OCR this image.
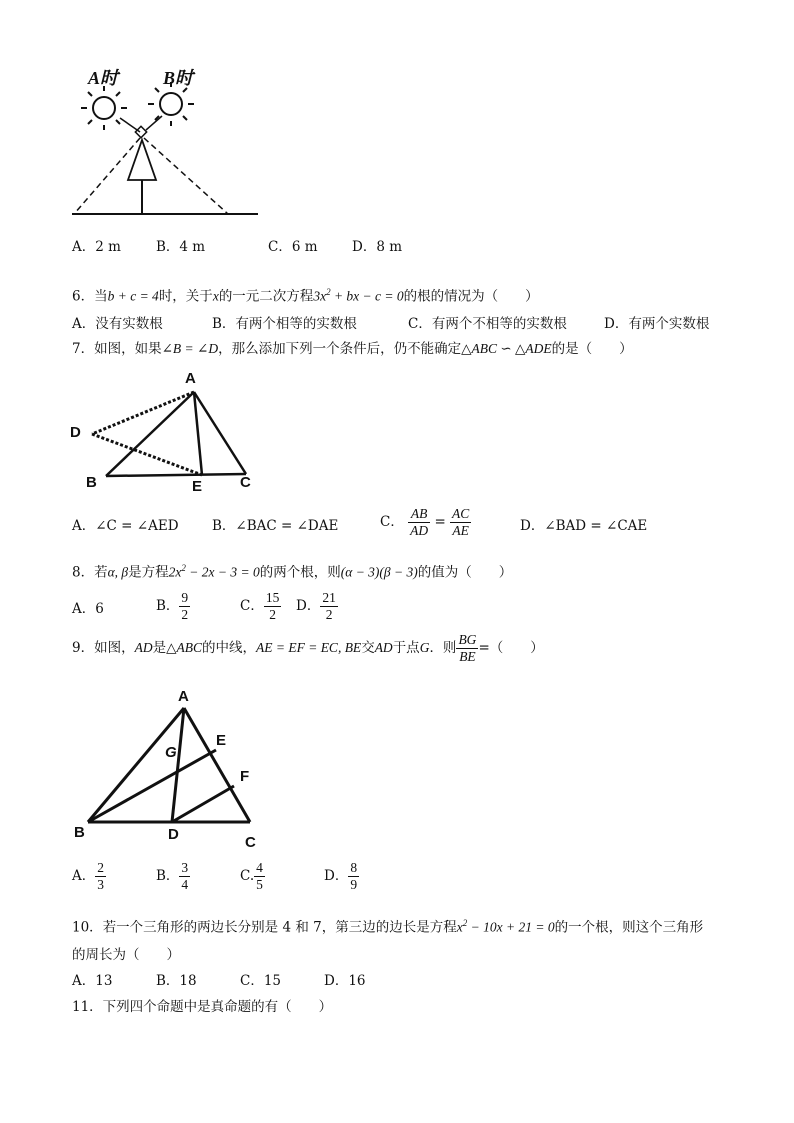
A时 B时
A．2 m	B．4 m	C．6 m	D．8 m
6．当b + c = 4时，关于x的一元二次方程$3x^2$ + bx − c = 0的根的情况为（　　）
A．没有实数根	B．有两个相等的实数根	C．有两个不相等的实数根	D．有两个实数根
7．如图，如果∠B = ∠D，那么添加下列一个条件后，仍不能确定△ABC ∽ △ADE的是（　　）
A
D
B	E	C
A．∠C = ∠AED B．∠BAC = ∠DAE	C． $\frac{AB}{AD} = \frac{AC}{AE}$	D．∠BAD = ∠CAE
8．若α, β是方程$2x^2 - 2x - 3 = 0$的两个根，则(α − 3)(β − 3)的值为（　　）
A．6	B． $\frac{9}{2}$	C． $\frac{15}{2}$ D． $\frac{21}{2}$
9．如图，AD是△ABC的中线，AE = EF = EC, BE交AD于点G．则 $\frac{BG}{BE}$ =（　　）
A
G
E
F
B	D	C
A． $\frac{2}{3}$	B． $\frac{3}{4}$	C. $\frac{4}{5}$	D． $\frac{8}{9}$
10．若一个三角形的两边长分别是 4 和 7，第三边的边长是方程$x^2 - 10x + 21 = 0$的一个根，则这个三角形
的周长为（　　）
A．13	B．18	C．15	D．16
11．下列四个命题中是真命题的有（　　）
